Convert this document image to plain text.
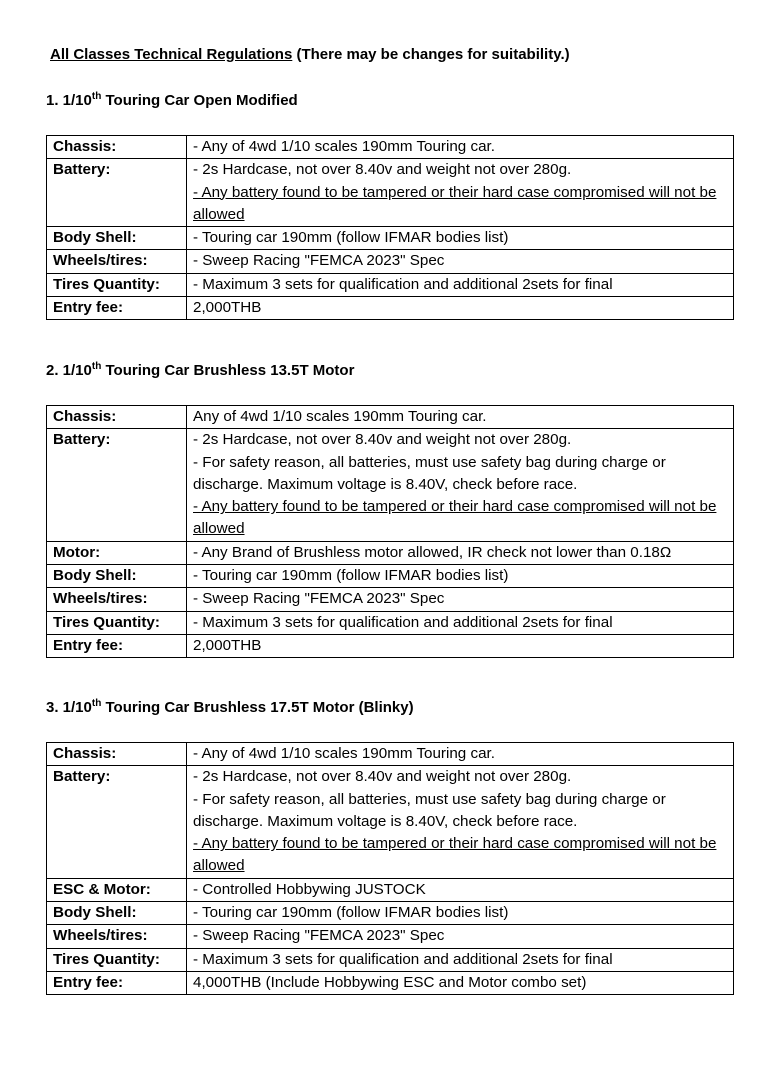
All Classes Technical Regulations (There may be changes for suitability.)
1. 1/10th Touring Car Open Modified
Chassis:	- Any of 4wd 1/10 scales 190mm Touring car.

Battery:	- 2s Hardcase, not over 8.40v and weight not over 280g.
- Any battery found to be tampered or their hard case compromised will not be allowed

Body Shell:	- Touring car 190mm (follow IFMAR bodies list)

Wheels/tires:	- Sweep Racing "FEMCA 2023" Spec

Tires Quantity:	- Maximum 3 sets for qualification and additional 2sets for final

Entry fee:	2,000THB
2. 1/10th Touring Car Brushless 13.5T Motor
Chassis:	Any of 4wd 1/10 scales 190mm Touring car.

Battery:	- 2s Hardcase, not over 8.40v and weight not over 280g.
- For safety reason, all batteries, must use safety bag during charge or
discharge. Maximum voltage is 8.40V, check before race.
- Any battery found to be tampered or their hard case compromised will not be allowed

Motor:	- Any Brand of Brushless motor allowed, IR check not lower than 0.18Ω

Body Shell:	- Touring car 190mm (follow IFMAR bodies list)

Wheels/tires:	- Sweep Racing "FEMCA 2023" Spec

Tires Quantity:	- Maximum 3 sets for qualification and additional 2sets for final

Entry fee:	2,000THB
3. 1/10th Touring Car Brushless 17.5T Motor (Blinky)
Chassis:	- Any of 4wd 1/10 scales 190mm Touring car.

Battery:	- 2s Hardcase, not over 8.40v and weight not over 280g.
- For safety reason, all batteries, must use safety bag during charge or
discharge. Maximum voltage is 8.40V, check before race.
- Any battery found to be tampered or their hard case compromised will not be allowed

ESC & Motor:	- Controlled Hobbywing JUSTOCK

Body Shell:	- Touring car 190mm (follow IFMAR bodies list)

Wheels/tires:	- Sweep Racing "FEMCA 2023" Spec

Tires Quantity:	- Maximum 3 sets for qualification and additional 2sets for final

Entry fee:	4,000THB (Include Hobbywing ESC and Motor combo set)
